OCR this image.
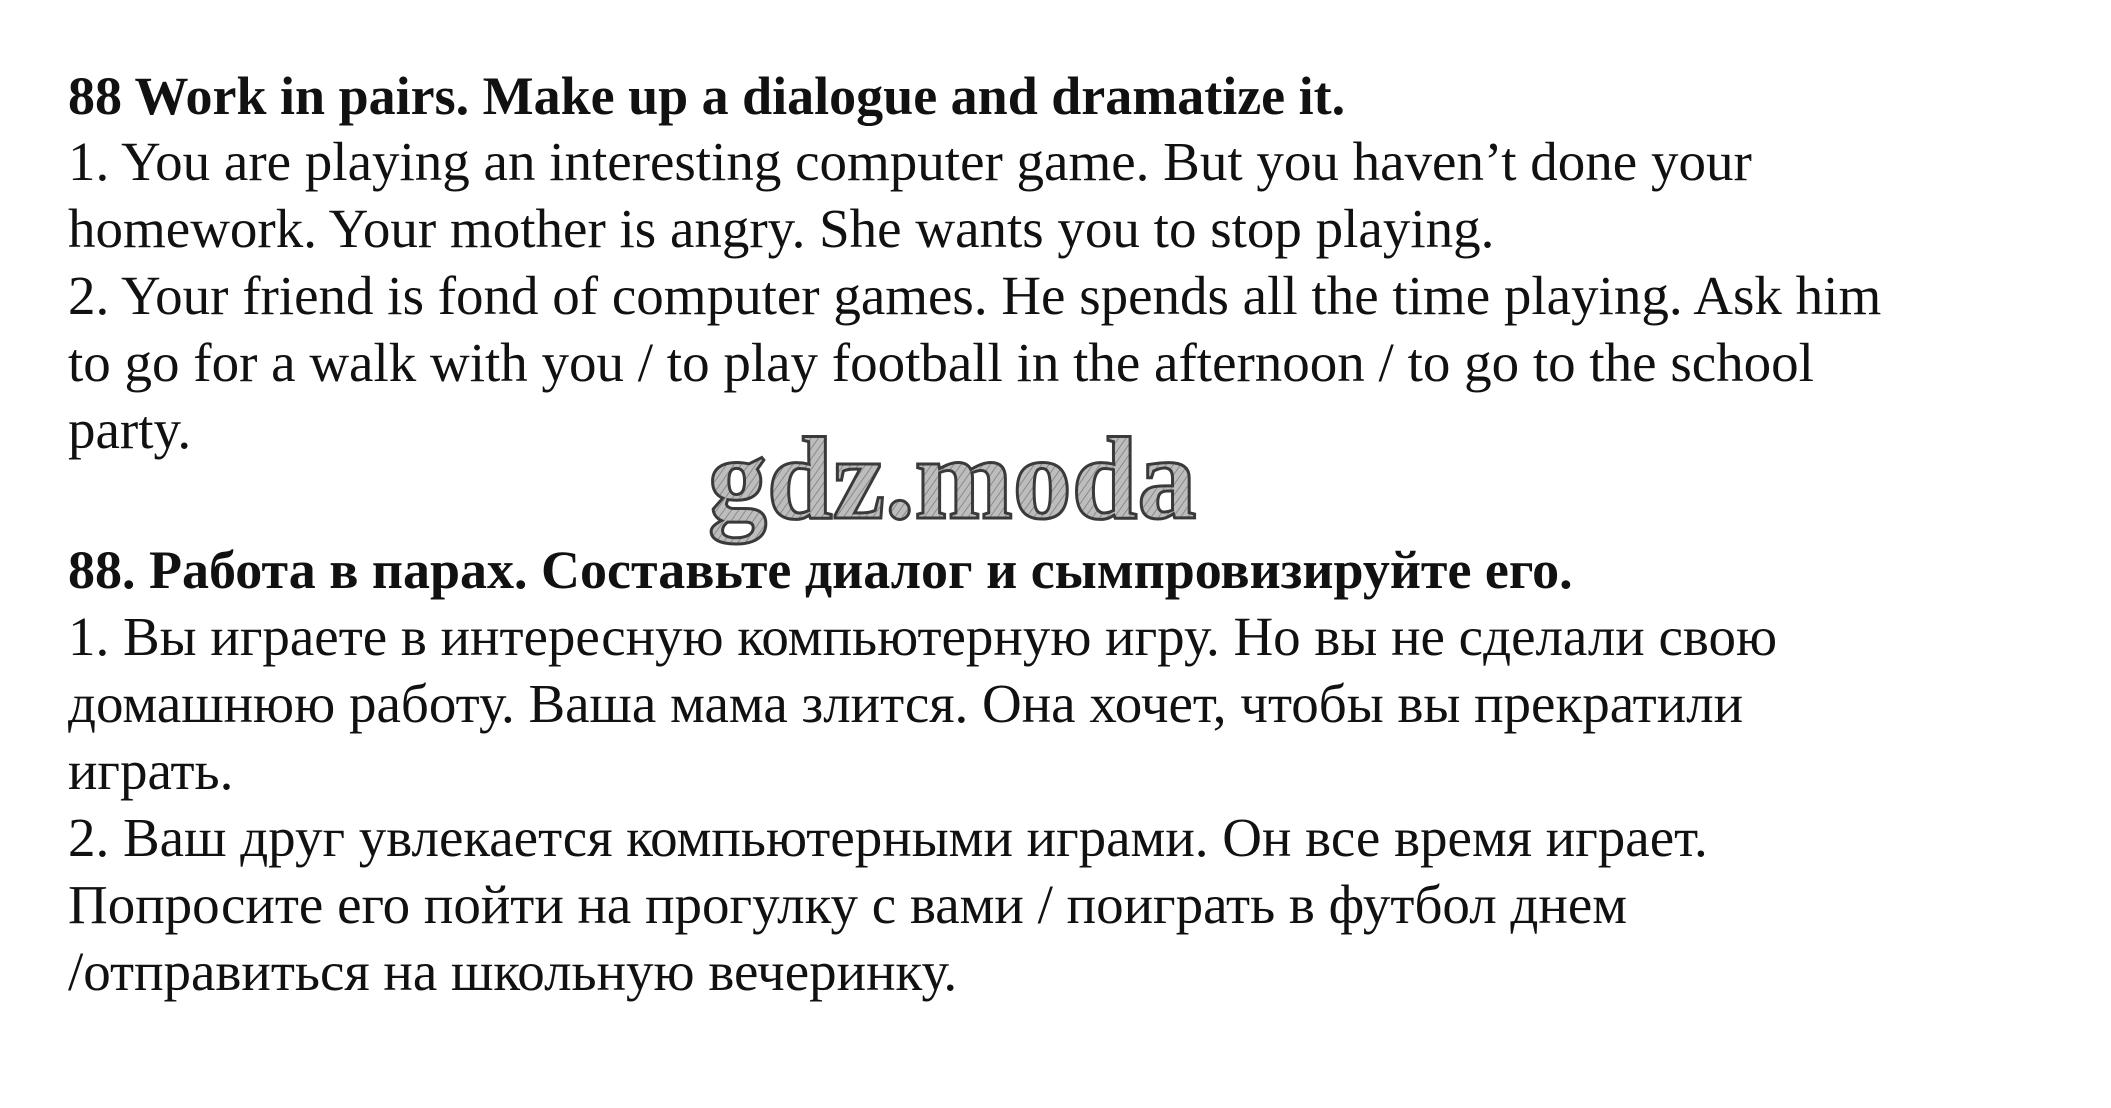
88 Work in pairs. Make up a dialogue and dramatize it.
1. You are playing an interesting computer game. But you haven’t done your
homework. Your mother is angry. She wants you to stop playing.
2. Your friend is fond of computer games. He spends all the time playing. Ask him
to go for a walk with you / to play football in the afternoon / to go to the school
party.	gdz.moda
88. Работа в парах. Составьте диалог и сымпровизируйте его.
1. Вы играете в интересную компьютерную игру. Но вы не сделали свою
домашнюю работу. Ваша мама злится. Она хочет, чтобы вы прекратили
играть.
2. Ваш друг увлекается компьютерными играми. Он все время играет.
Попросите его пойти на прогулку с вами / поиграть в футбол днем
/отправиться на школьную вечеринку.
